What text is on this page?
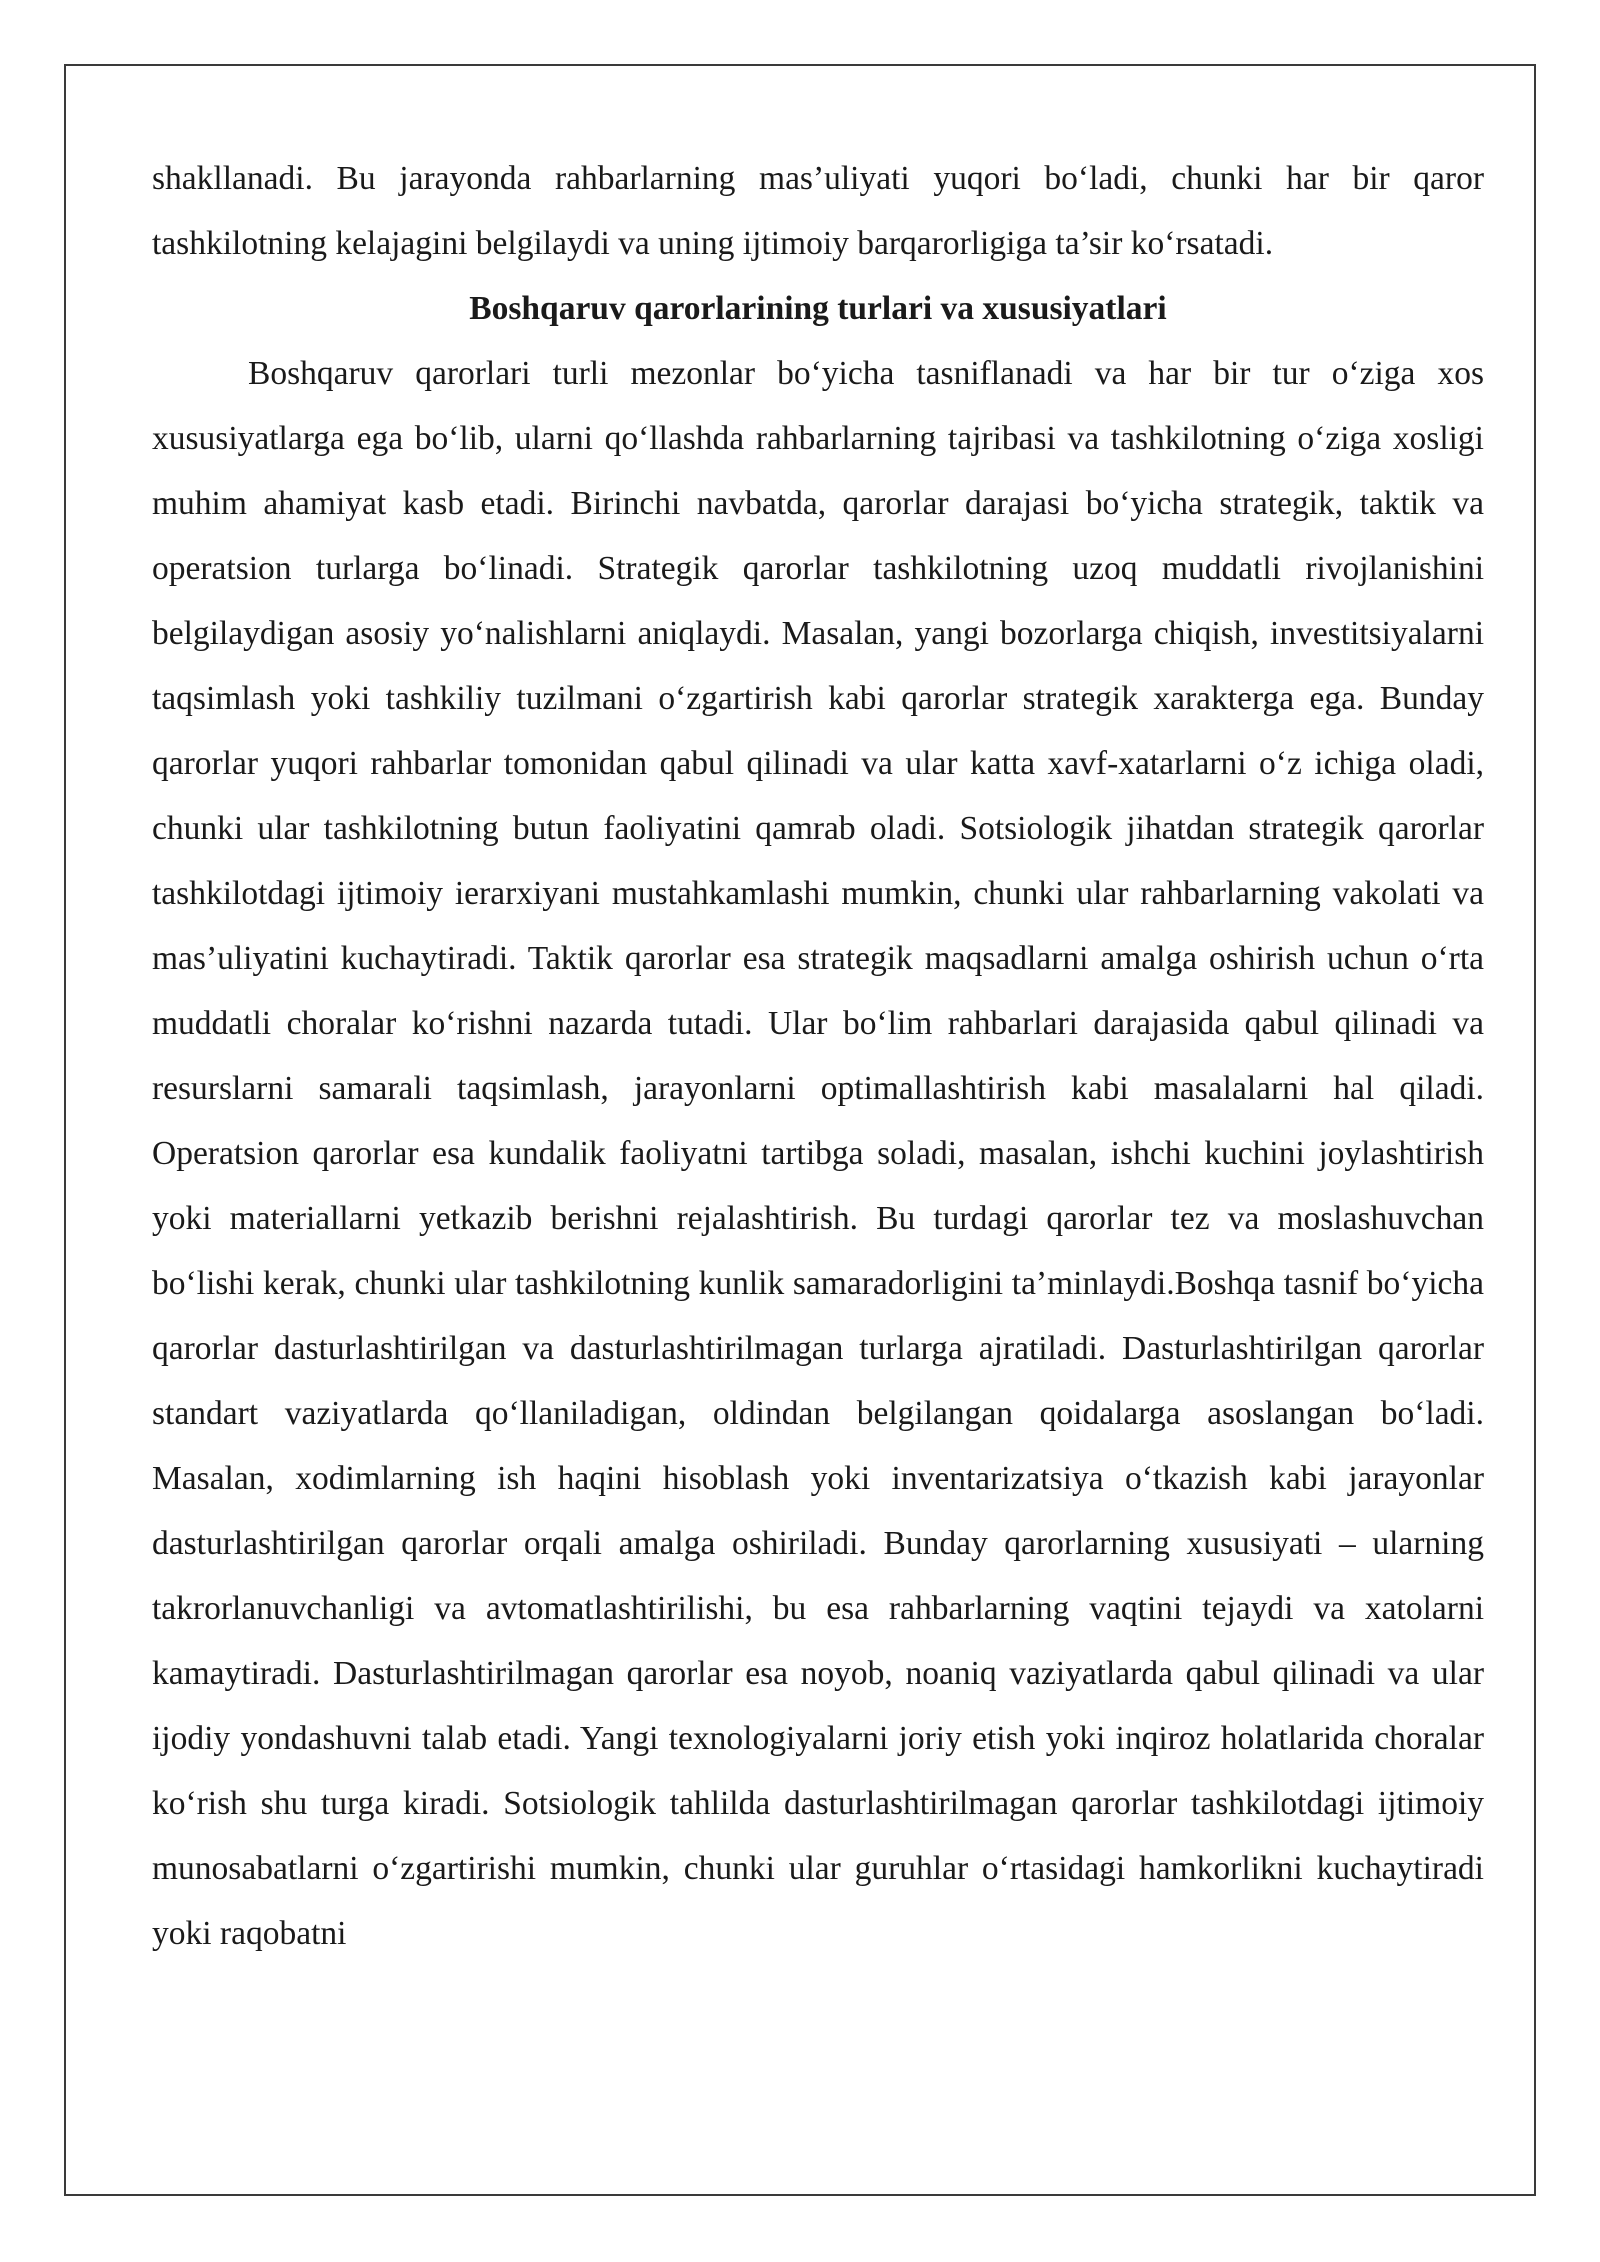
shakllanadi. Bu jarayonda rahbarlarning mas’uliyati yuqori bo‘ladi, chunki har bir qaror tashkilotning kelajagini belgilaydi va uning ijtimoiy barqarorligiga ta’sir ko‘rsatadi.

Boshqaruv qarorlarining turlari va xususiyatlari

Boshqaruv qarorlari turli mezonlar bo‘yicha tasniflanadi va har bir tur o‘ziga xos xususiyatlarga ega bo‘lib, ularni qo‘llashda rahbarlarning tajribasi va tashkilotning o‘ziga xosligi muhim ahamiyat kasb etadi. Birinchi navbatda, qarorlar darajasi bo‘yicha strategik, taktik va operatsion turlarga bo‘linadi. Strategik qarorlar tashkilotning uzoq muddatli rivojlanishini belgilaydigan asosiy yo‘nalishlarni aniqlaydi. Masalan, yangi bozorlarga chiqish, investitsiyalarni taqsimlash yoki tashkiliy tuzilmani o‘zgartirish kabi qarorlar strategik xarakterga ega. Bunday qarorlar yuqori rahbarlar tomonidan qabul qilinadi va ular katta xavf-xatarlarni o‘z ichiga oladi, chunki ular tashkilotning butun faoliyatini qamrab oladi. Sotsiologik jihatdan strategik qarorlar tashkilotdagi ijtimoiy ierarxiyani mustahkamlashi mumkin, chunki ular rahbarlarning vakolati va mas’uliyatini kuchaytiradi. Taktik qarorlar esa strategik maqsadlarni amalga oshirish uchun o‘rta muddatli choralar ko‘rishni nazarda tutadi. Ular bo‘lim rahbarlari darajasida qabul qilinadi va resurslarni samarali taqsimlash, jarayonlarni optimallashtirish kabi masalalarni hal qiladi. Operatsion qarorlar esa kundalik faoliyatni tartibga soladi, masalan, ishchi kuchini joylashtirish yoki materiallarni yetkazib berishni rejalashtirish. Bu turdagi qarorlar tez va moslashuvchan bo‘lishi kerak, chunki ular tashkilotning kunlik samaradorligini ta’minlaydi.Boshqa tasnif bo‘yicha qarorlar dasturlashtirilgan va dasturlashtirilmagan turlarga ajratiladi. Dasturlashtirilgan qarorlar standart vaziyatlarda qo‘llaniladigan, oldindan belgilangan qoidalarga asoslangan bo‘ladi. Masalan, xodimlarning ish haqini hisoblash yoki inventarizatsiya o‘tkazish kabi jarayonlar dasturlashtirilgan qarorlar orqali amalga oshiriladi. Bunday qarorlarning xususiyati – ularning takrorlanuvchanligi va avtomatlashtirilishi, bu esa rahbarlarning vaqtini tejaydi va xatolarni kamaytiradi. Dasturlashtirilmagan qarorlar esa noyob, noaniq vaziyatlarda qabul qilinadi va ular ijodiy yondashuvni talab etadi. Yangi texnologiyalarni joriy etish yoki inqiroz holatlarida choralar ko‘rish shu turga kiradi. Sotsiologik tahlilda dasturlashtirilmagan qarorlar tashkilotdagi ijtimoiy munosabatlarni o‘zgartirishi mumkin, chunki ular guruhlar o‘rtasidagi hamkorlikni kuchaytiradi yoki raqobatni
